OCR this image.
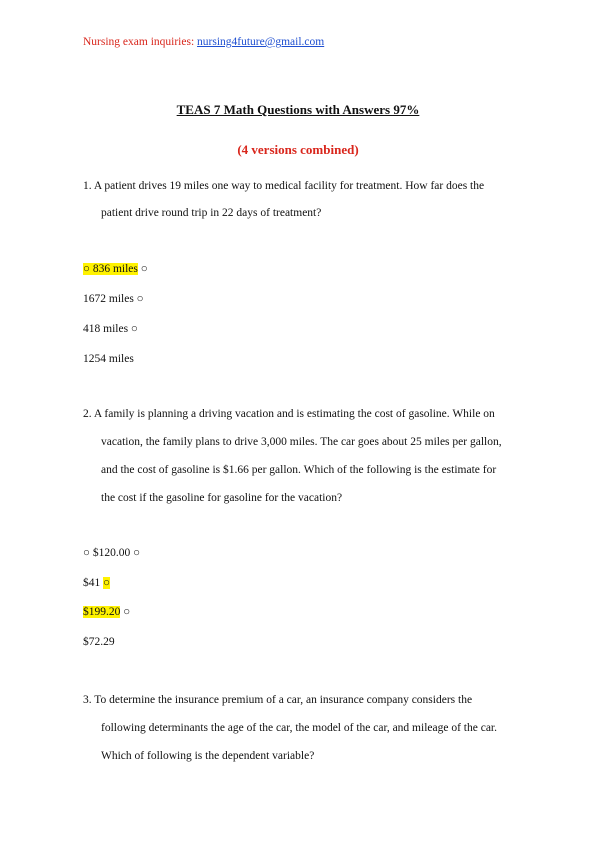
Nursing exam inquiries: nursing4future@gmail.com
TEAS 7 Math Questions with Answers 97%
(4 versions combined)
1. A patient drives 19 miles one way to medical facility for treatment. How far does the
patient drive round trip in 22 days of treatment?
○ 836 miles ○
1672 miles ○
418 miles ○
1254 miles
2. A family is planning a driving vacation and is estimating the cost of gasoline. While on
vacation, the family plans to drive 3,000 miles. The car goes about 25 miles per gallon,
and the cost of gasoline is $1.66 per gallon. Which of the following is the estimate for
the cost if the gasoline for gasoline for the vacation?
○ $120.00 ○
$41 ○
$199.20 ○
$72.29
3. To determine the insurance premium of a car, an insurance company considers the
following determinants the age of the car, the model of the car, and mileage of the car.
Which of following is the dependent variable?
